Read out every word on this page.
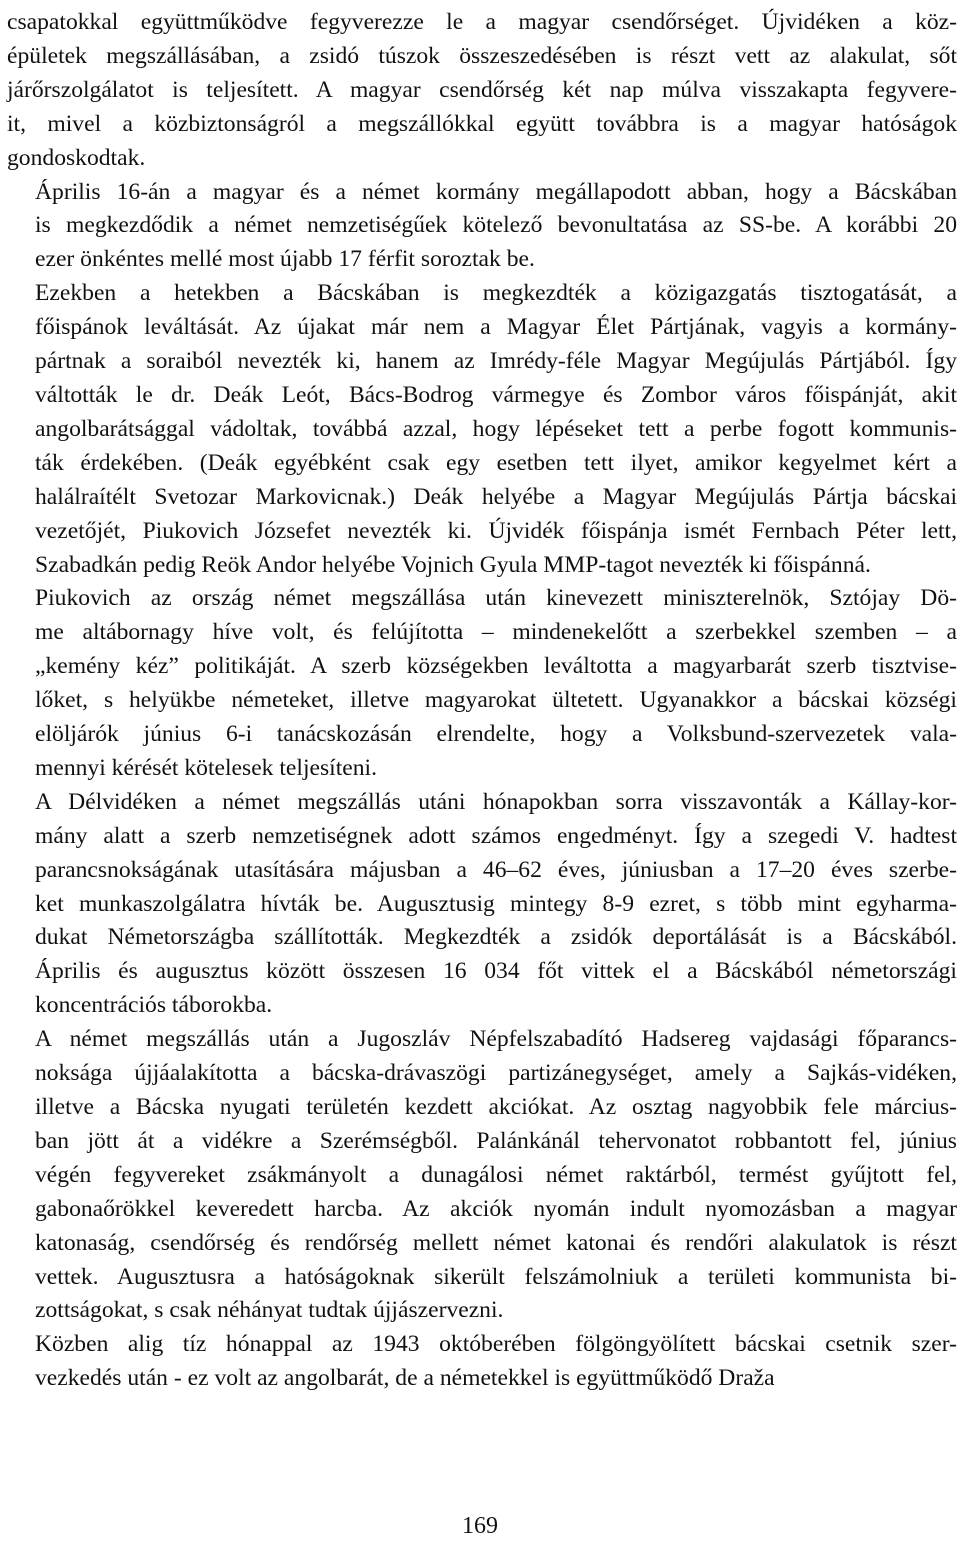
csapatokkal együttműködve fegyverezze le a magyar csendőrséget. Újvidéken a köz-
épületek megszállásában, a zsidó túszok összeszedésében is részt vett az alakulat, sőt
járőrszolgálatot is teljesített. A magyar csendőrség két nap múlva visszakapta fegyvere-
it, mivel a közbiztonságról a megszállókkal együtt továbbra is a magyar hatóságok
gondoskodtak.
Április 16-án a magyar és a német kormány megállapodott abban, hogy a Bácskában
is megkezdődik a német nemzetiségűek kötelező bevonultatása az SS-be. A korábbi 20
ezer önkéntes mellé most újabb 17 férfit soroztak be.
Ezekben a hetekben a Bácskában is megkezdték a közigazgatás tisztogatását, a
főispánok leváltását. Az újakat már nem a Magyar Élet Pártjának, vagyis a kormány-
pártnak a soraiból nevezték ki, hanem az Imrédy-féle Magyar Megújulás Pártjából. Így
váltották le dr. Deák Leót, Bács-Bodrog vármegye és Zombor város főispánját, akit
angolbarátsággal vádoltak, továbbá azzal, hogy lépéseket tett a perbe fogott kommunis-
ták érdekében. (Deák egyébként csak egy esetben tett ilyet, amikor kegyelmet kért a
halálraítélt Svetozar Markovicnak.) Deák helyébe a Magyar Megújulás Pártja bácskai
vezetőjét, Piukovich Józsefet nevezték ki. Újvidék főispánja ismét Fernbach Péter lett,
Szabadkán pedig Reök Andor helyébe Vojnich Gyula MMP-tagot nevezték ki főispánná.
Piukovich az ország német megszállása után kinevezett miniszterelnök, Sztójay Dö-
me altábornagy híve volt, és felújította – mindenekelőtt a szerbekkel szemben – a
„kemény kéz” politikáját. A szerb községekben leváltotta a magyarbarát szerb tisztvise-
lőket, s helyükbe németeket, illetve magyarokat ültetett. Ugyanakkor a bácskai községi
elöljárók június 6-i tanácskozásán elrendelte, hogy a Volksbund-szervezetek vala-
mennyi kérését kötelesek teljesíteni.
A Délvidéken a német megszállás utáni hónapokban sorra visszavonták a Kállay-kor-
mány alatt a szerb nemzetiségnek adott számos engedményt. Így a szegedi V. hadtest
parancsnokságának utasítására májusban a 46–62 éves, júniusban a 17–20 éves szerbe-
ket munkaszolgálatra hívták be. Augusztusig mintegy 8-9 ezret, s több mint egyharma-
dukat Németországba szállították. Megkezdték a zsidók deportálását is a Bácskából.
Április és augusztus között összesen 16 034 főt vittek el a Bácskából németországi
koncentrációs táborokba.
A német megszállás után a Jugoszláv Népfelszabadító Hadsereg vajdasági főparancs-
noksága újjáalakította a bácska-drávaszögi partizánegységet, amely a Sajkás-vidéken,
illetve a Bácska nyugati területén kezdett akciókat. Az osztag nagyobbik fele március-
ban jött át a vidékre a Szerémségből. Palánkánál tehervonatot robbantott fel, június
végén fegyvereket zsákmányolt a dunagálosi német raktárból, termést gyűjtott fel,
gabonaőrökkel keveredett harcba. Az akciók nyomán indult nyomozásban a magyar
katonaság, csendőrség és rendőrség mellett német katonai és rendőri alakulatok is részt
vettek. Augusztusra a hatóságoknak sikerült felszámolniuk a területi kommunista bi-
zottságokat, s csak néhányat tudtak újjászervezni.
Közben alig tíz hónappal az 1943 októberében fölgöngyölített bácskai csetnik szer-
vezkedés után - ez volt az angolbarát, de a németekkel is együttműködő Draža
169
